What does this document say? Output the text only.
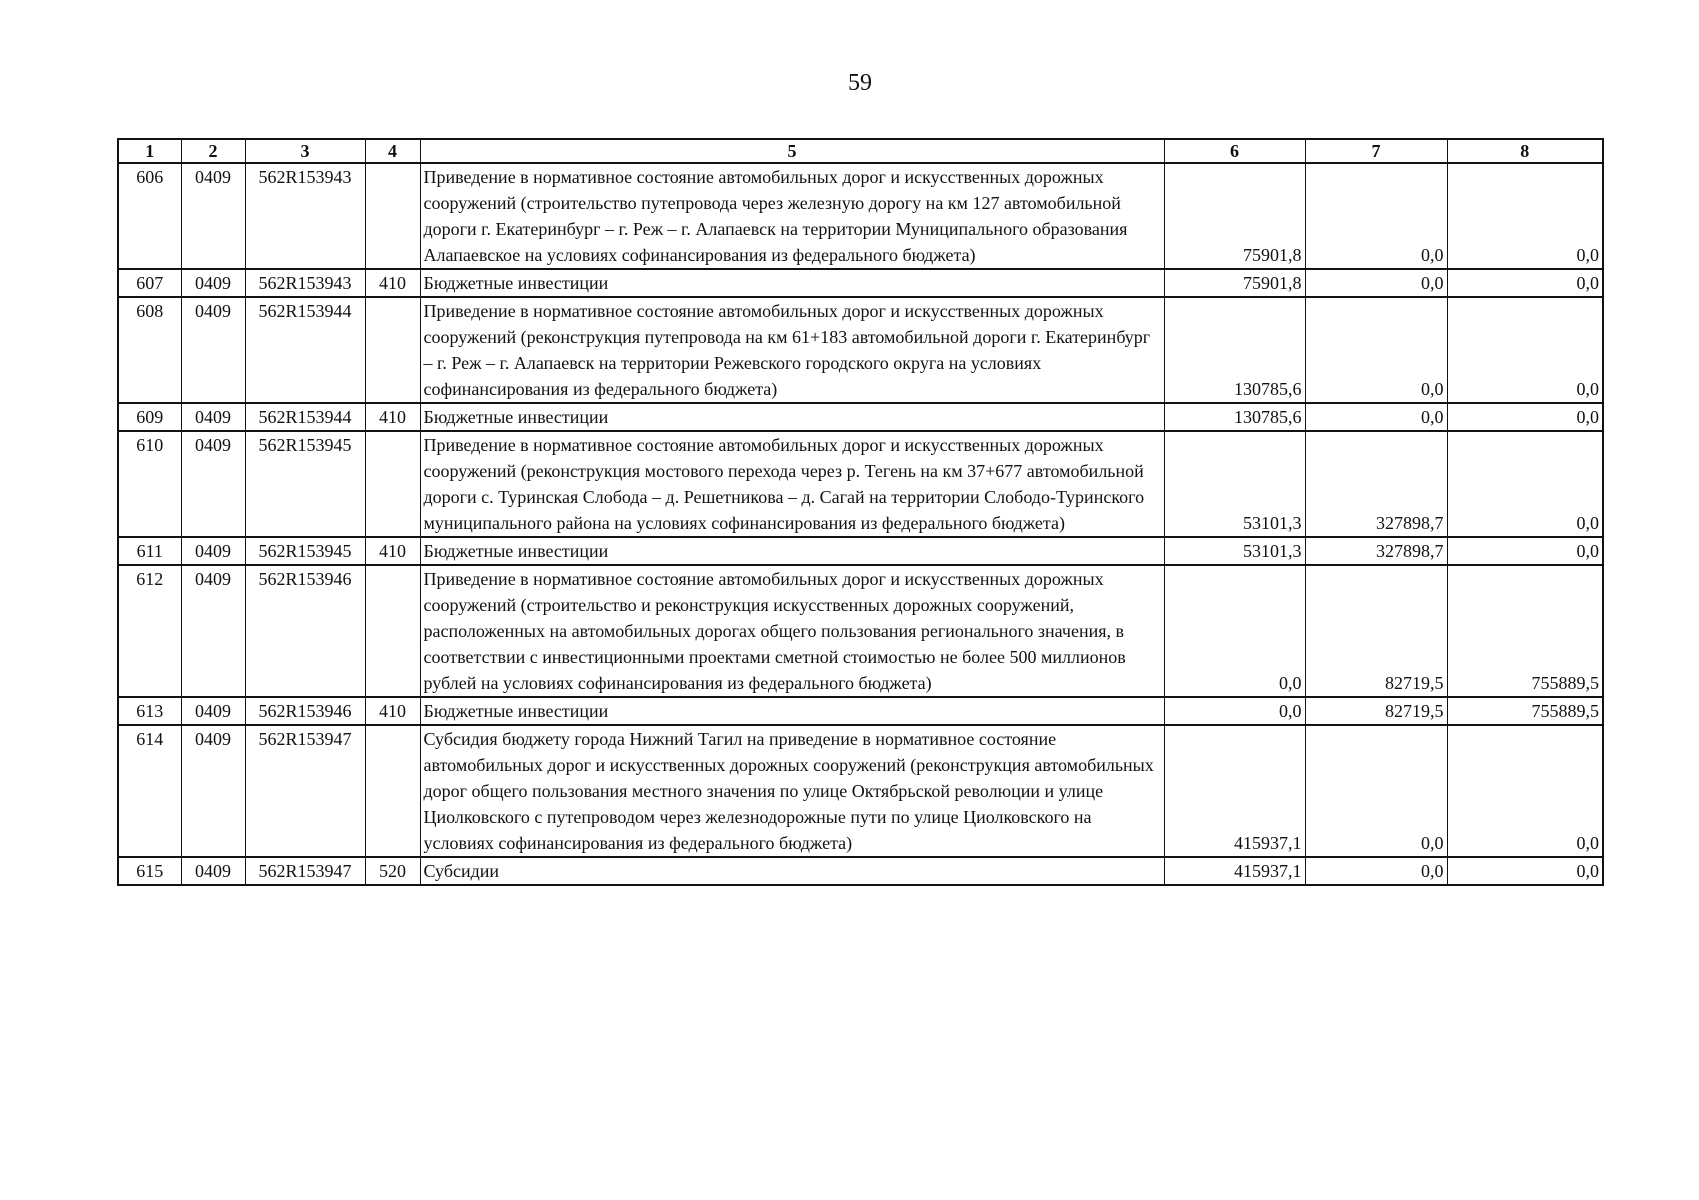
59
1	2	3	4	5	6	7	8
606	0409	562R153943		Приведение в нормативное состояние автомобильных дорог и искусственных дорожных сооружений (строительство путепровода через железную дорогу на км 127 автомобильной дороги г. Екатеринбург – г. Реж – г. Алапаевск на территории Муниципального образования Алапаевское на условиях софинансирования из федерального бюджета)	75901,8	0,0	0,0
607	0409	562R153943	410	Бюджетные инвестиции	75901,8	0,0	0,0
608	0409	562R153944		Приведение в нормативное состояние автомобильных дорог и искусственных дорожных сооружений (реконструкция путепровода на км 61+183 автомобильной дороги г. Екатеринбург – г. Реж – г. Алапаевск на территории Режевского городского округа на условиях софинансирования из федерального бюджета)	130785,6	0,0	0,0
609	0409	562R153944	410	Бюджетные инвестиции	130785,6	0,0	0,0
610	0409	562R153945		Приведение в нормативное состояние автомобильных дорог и искусственных дорожных сооружений (реконструкция мостового перехода через р. Тегень на км 37+677 автомобильной дороги с. Туринская Слобода – д. Решетникова – д. Сагай на территории Слободо-Туринского муниципального района на условиях софинансирования из федерального бюджета)	53101,3	327898,7	0,0
611	0409	562R153945	410	Бюджетные инвестиции	53101,3	327898,7	0,0
612	0409	562R153946		Приведение в нормативное состояние автомобильных дорог и искусственных дорожных сооружений (строительство и реконструкция искусственных дорожных сооружений, расположенных на автомобильных дорогах общего пользования регионального значения, в соответствии с инвестиционными проектами сметной стоимостью не более 500 миллионов рублей на условиях софинансирования из федерального бюджета)	0,0	82719,5	755889,5
613	0409	562R153946	410	Бюджетные инвестиции	0,0	82719,5	755889,5
614	0409	562R153947		Субсидия бюджету города Нижний Тагил на приведение в нормативное состояние автомобильных дорог и искусственных дорожных сооружений (реконструкция автомобильных дорог общего пользования местного значения по улице Октябрьской революции и улице Циолковского с путепроводом через железнодорожные пути по улице Циолковского на условиях софинансирования из федерального бюджета)	415937,1	0,0	0,0
615	0409	562R153947	520	Субсидии	415937,1	0,0	0,0
